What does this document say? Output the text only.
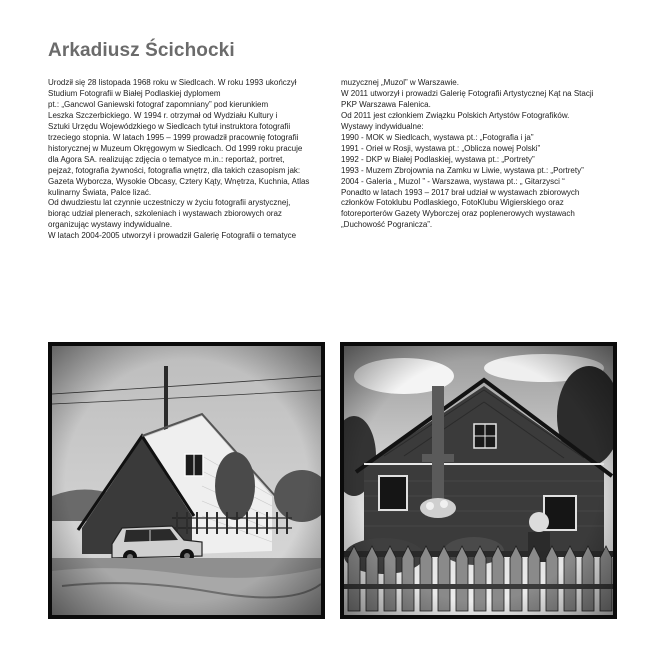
Arkadiusz Ścichocki
Urodził się 28 listopada 1968 roku w Siedlcach. W roku 1993 ukończył
Studium Fotografii w Białej Podlaskiej dyplomem
pt.: „Gancwol Ganiewski fotograf zapomniany” pod kierunkiem
Leszka Szczerbickiego. W 1994 r. otrzymał od Wydziału Kultury i
Sztuki Urzędu Wojewódzkiego w Siedlcach tytuł instruktora fotografii
trzeciego stopnia. W latach 1995 – 1999 prowadził pracownię fotografii
historycznej w Muzeum Okręgowym w Siedlcach. Od 1999 roku pracuje
dla Agora SA. realizując zdjęcia o tematyce m.in.: reportaż, portret,
pejzaż, fotografia żywności, fotografia wnętrz, dla takich czasopism jak:
Gazeta Wyborcza, Wysokie Obcasy, Cztery Kąty, Wnętrza, Kuchnia, Atlas
kulinarny Świata, Palce lizać.
Od dwudziestu lat czynnie uczestniczy w życiu fotografii arystycznej,
biorąc udział plenerach, szkoleniach i wystawach zbiorowych oraz
organizując wystawy indywidualne.
W latach 2004-2005 utworzył i prowadził Galerię Fotografii o tematyce
muzycznej „Muzol” w Warszawie.
W 2011 utworzył i prowadzi Galerię Fotografii Artystycznej Kąt na Stacji
PKP Warszawa Falenica.
Od 2011 jest członkiem Związku Polskich Artystów Fotografików.
Wystawy indywidualne:
1990 - MOK w Siedlcach, wystawa pt.: „Fotografia i ja”
1991 - Orieł w Rosji, wystawa pt.: „Oblicza nowej Polski”
1992 - DKP w Białej Podlaskiej, wystawa pt.: „Portrety”
1993 - Muzem Zbrojownia na Zamku w Liwie, wystawa pt.: „Portrety”
2004 - Galeria „ Muzol ” - Warszawa, wystawa pt.: „ Gitarzysci “
Ponadto w latach 1993 – 2017 brał udział w wystawach zbiorowych
członków Fotoklubu Podlaskiego, FotoKlubu Wigierskiego oraz
fotoreporterów Gazety Wyborczej oraz poplenerowych wystawach
„Duchowość Pogranicza”.
